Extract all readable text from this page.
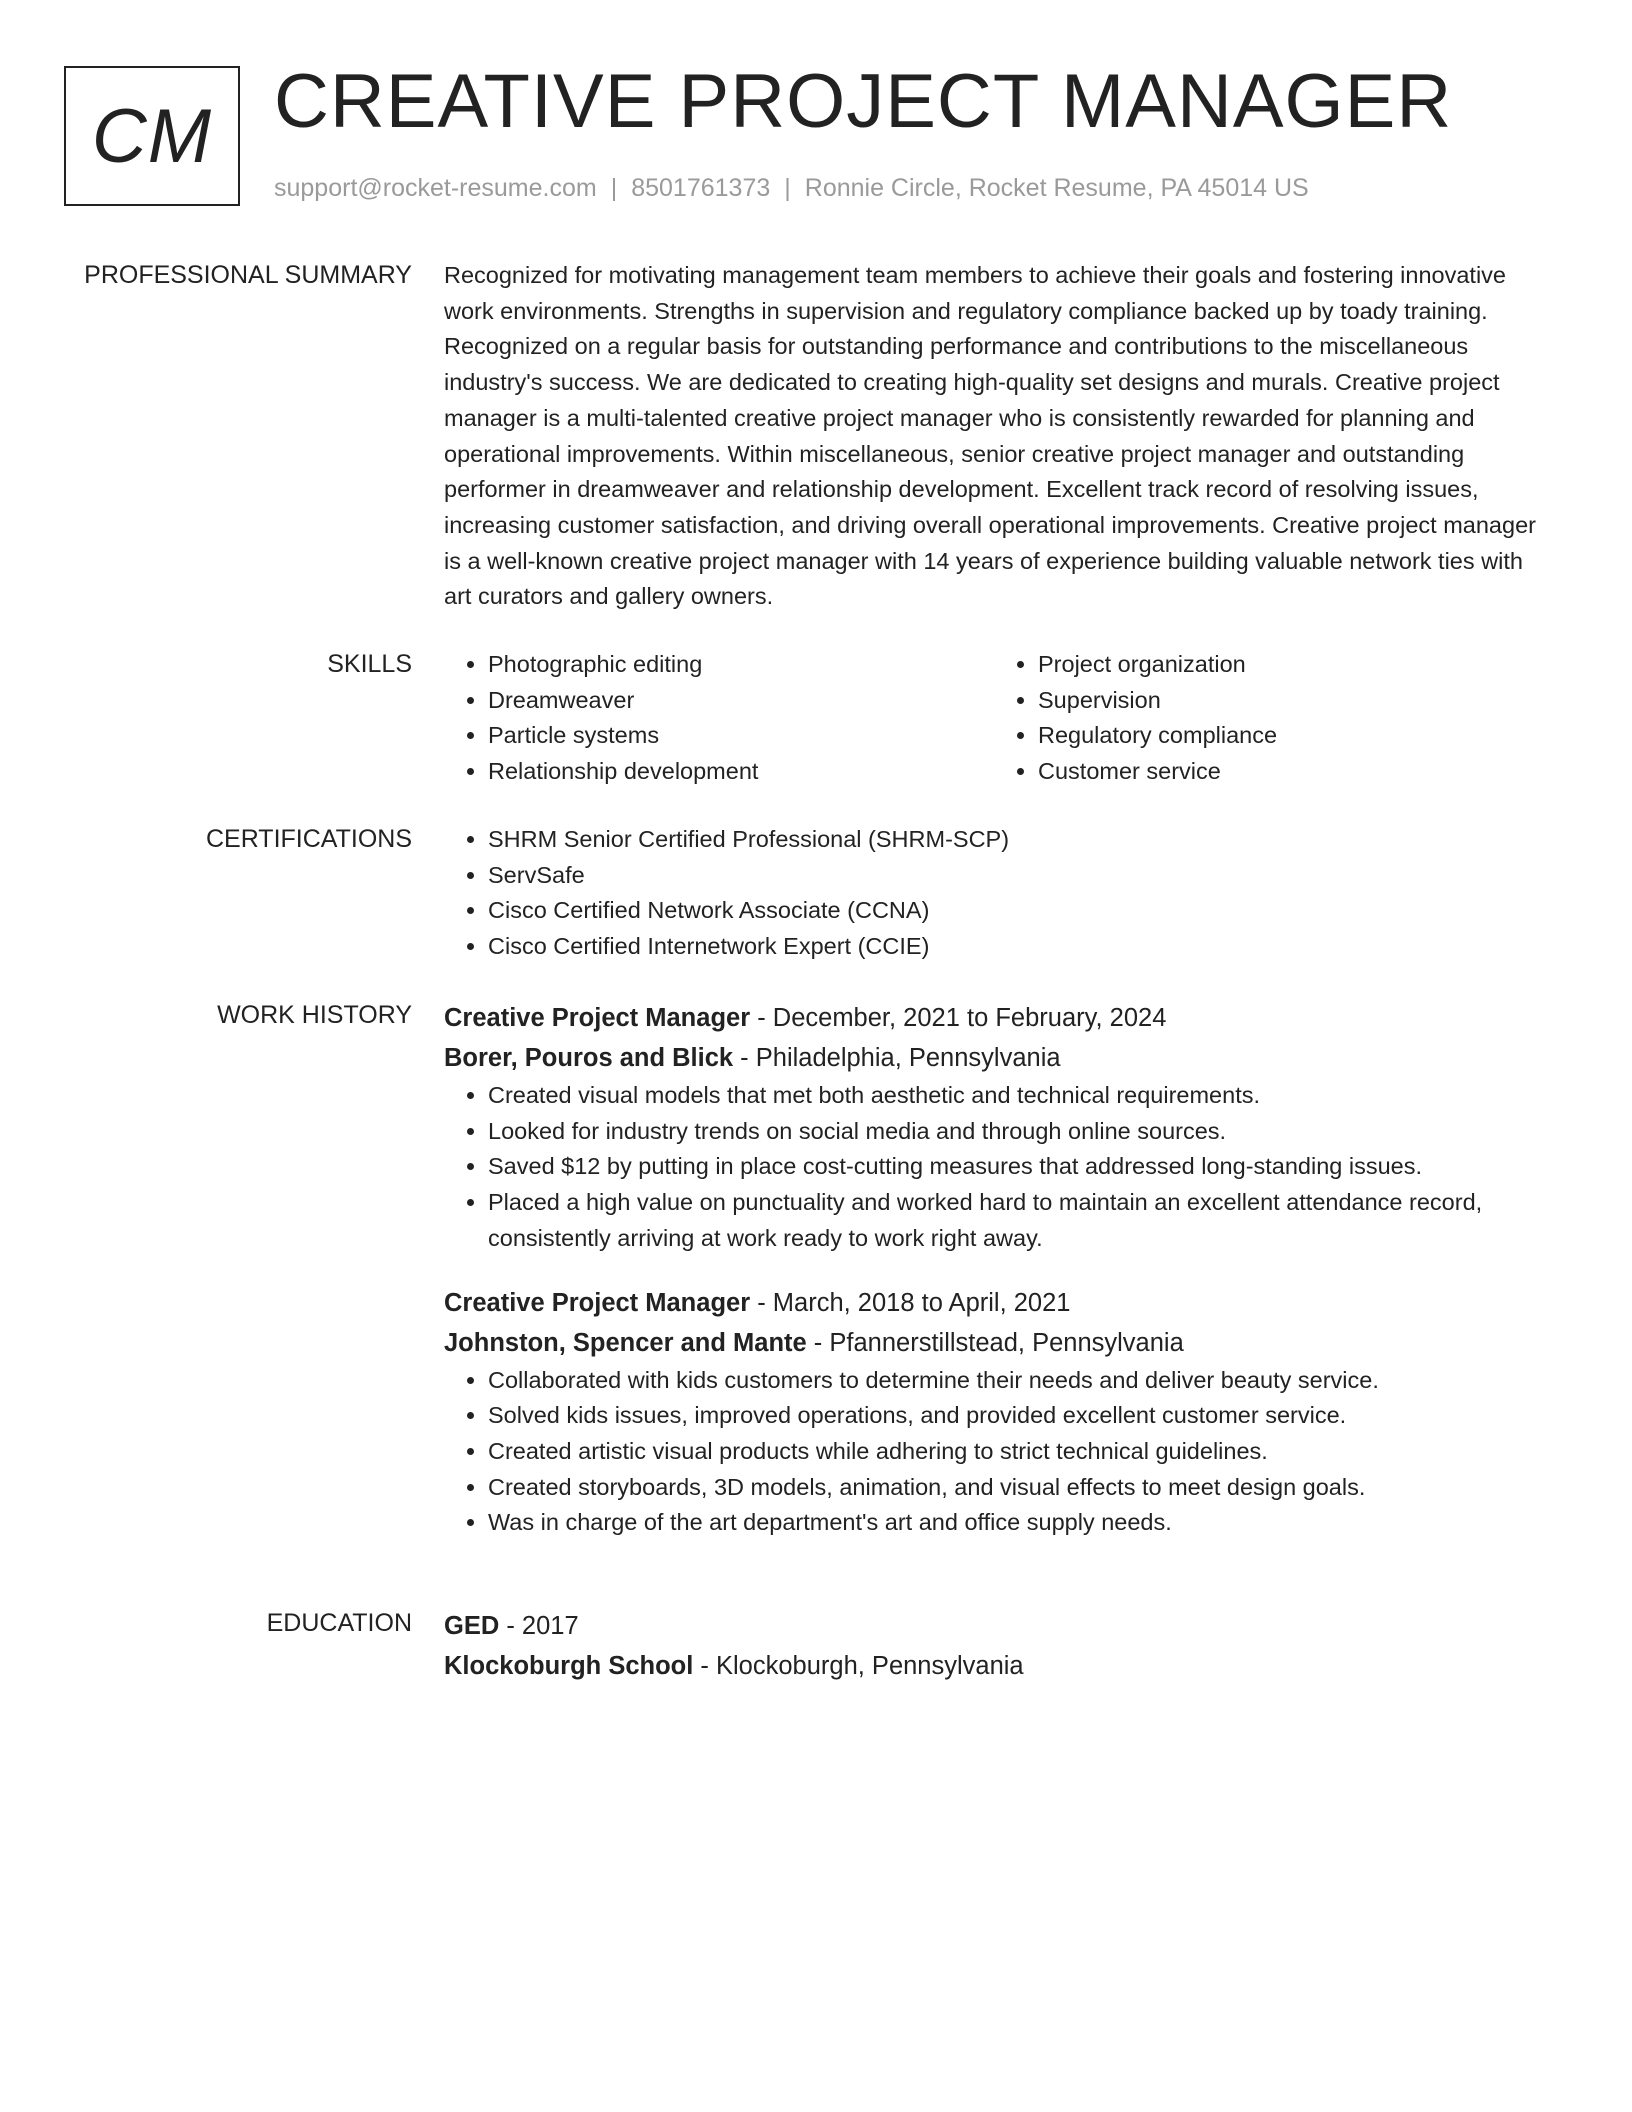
CM CREATIVE PROJECT MANAGER
support@rocket-resume.com | 8501761373 | Ronnie Circle, Rocket Resume, PA 45014 US
PROFESSIONAL SUMMARY Recognized for motivating management team members to achieve their goals and fostering innovative work environments. Strengths in supervision and regulatory compliance backed up by toady training. Recognized on a regular basis for outstanding performance and contributions to the miscellaneous industry's success. We are dedicated to creating high-quality set designs and murals. Creative project manager is a multi-talented creative project manager who is consistently rewarded for planning and operational improvements. Within miscellaneous, senior creative project manager and outstanding performer in dreamweaver and relationship development. Excellent track record of resolving issues, increasing customer satisfaction, and driving overall operational improvements. Creative project manager is a well-known creative project manager with 14 years of experience building valuable network ties with art curators and gallery owners.

SKILLS	• Photographic editing
• Dreamweaver
• Particle systems
• Relationship development
• Project organization
• Supervision
• Regulatory compliance
• Customer service
CERTIFICATIONS	• SHRM Senior Certified Professional (SHRM-SCP)
• ServSafe
• Cisco Certified Network Associate (CCNA)
• Cisco Certified Internetwork Expert (CCIE)
WORK HISTORY Creative Project Manager - December, 2021 to February, 2024
Borer, Pouros and Blick - Philadelphia, Pennsylvania
• Created visual models that met both aesthetic and technical requirements.
• Looked for industry trends on social media and through online sources.
• Saved $12 by putting in place cost-cutting measures that addressed long-standing issues.
• Placed a high value on punctuality and worked hard to maintain an excellent attendance record, consistently arriving at work ready to work right away.
Creative Project Manager - March, 2018 to April, 2021
Johnston, Spencer and Mante - Pfannerstillstead, Pennsylvania
• Collaborated with kids customers to determine their needs and deliver beauty service.
• Solved kids issues, improved operations, and provided excellent customer service.
• Created artistic visual products while adhering to strict technical guidelines.
• Created storyboards, 3D models, animation, and visual effects to meet design goals.
• Was in charge of the art department's art and office supply needs.
EDUCATION GED - 2017
Klockoburgh School - Klockoburgh, Pennsylvania
